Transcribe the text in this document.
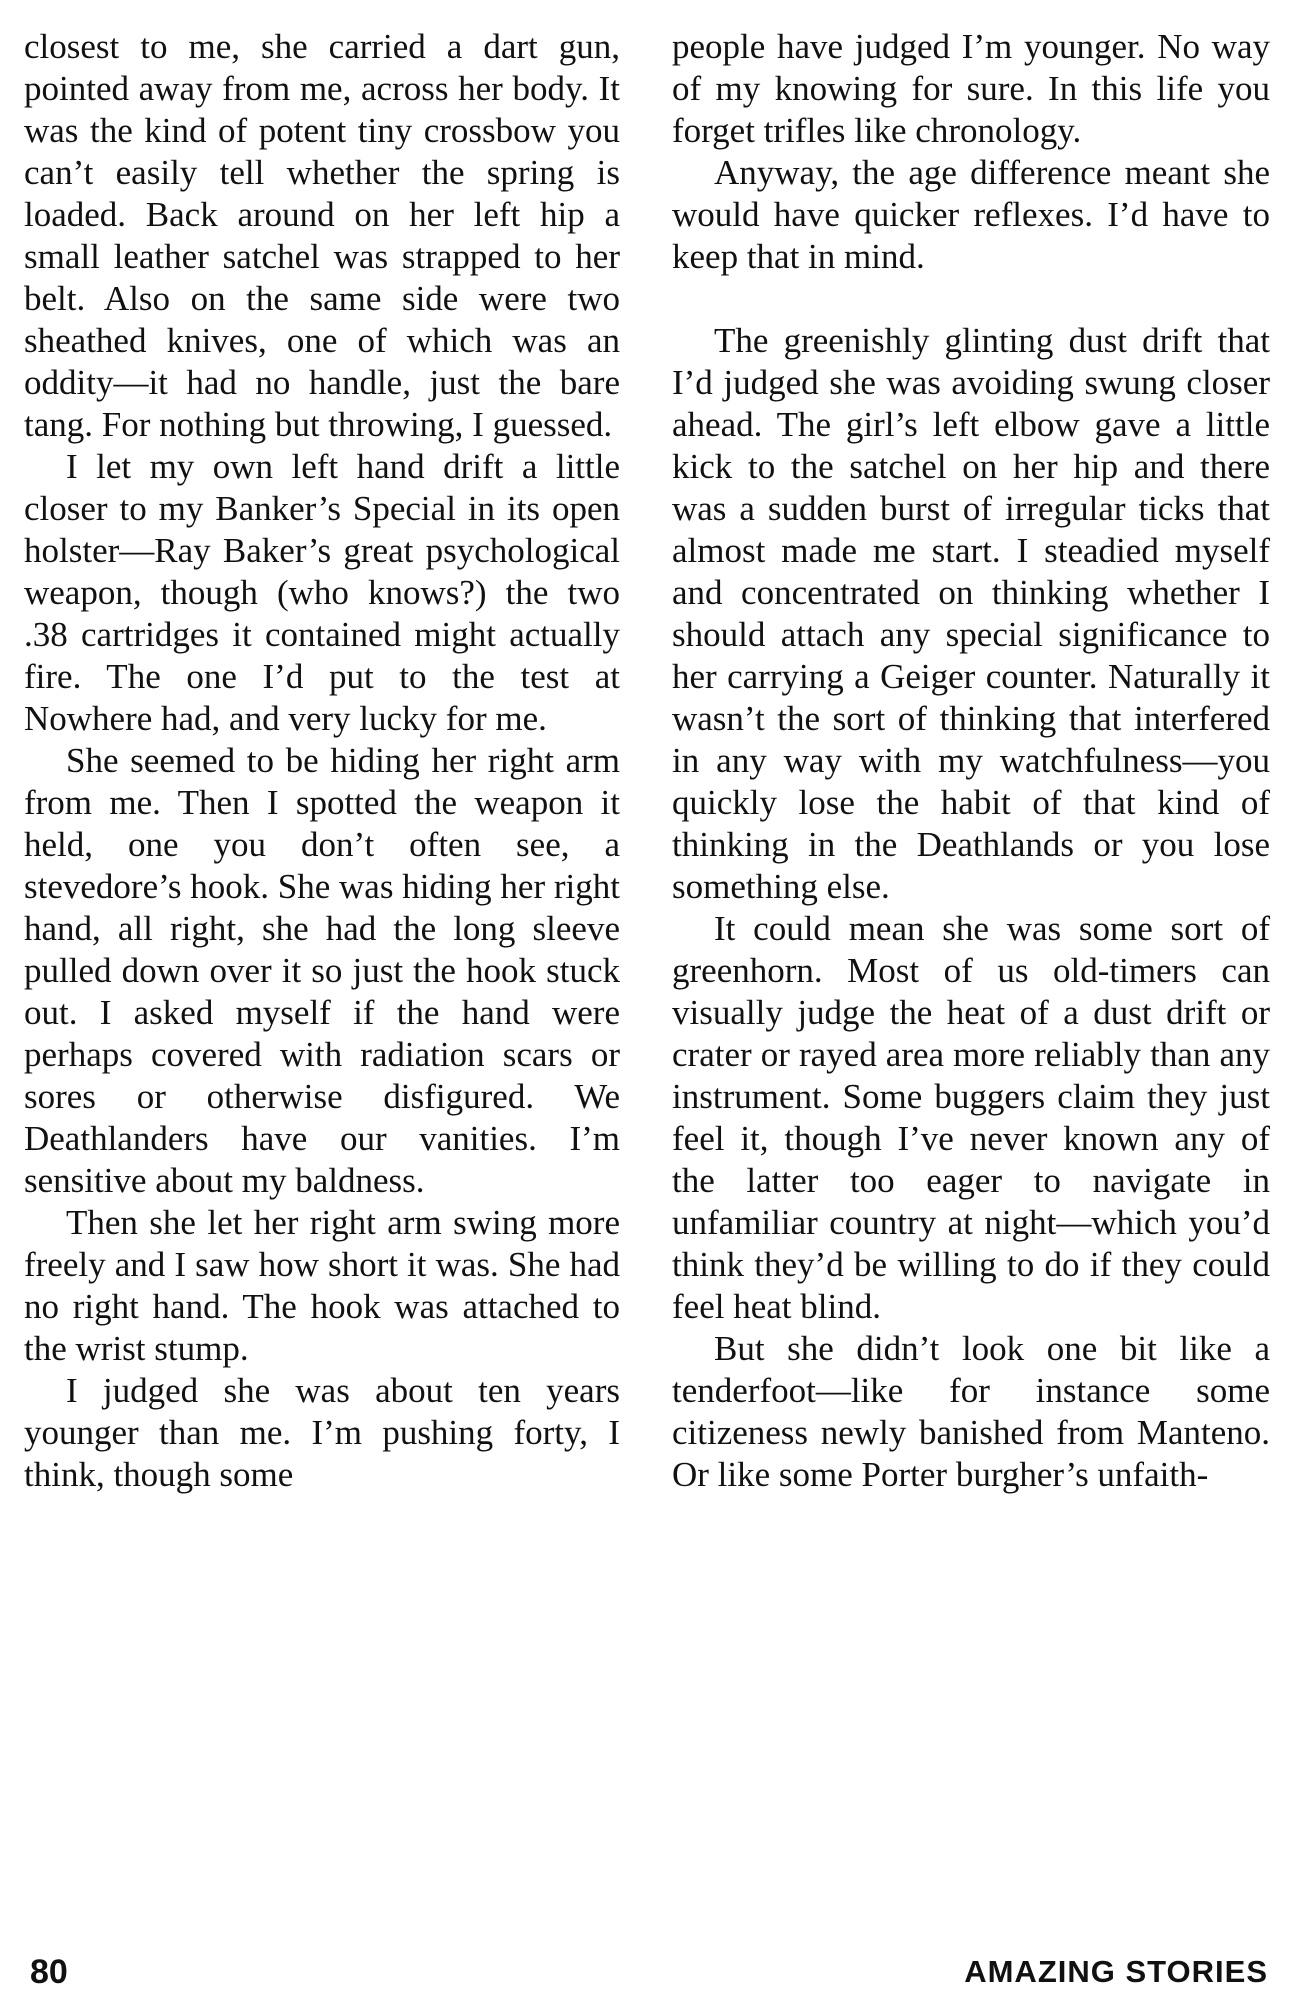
closest to me, she carried a dart gun, pointed away from me, across her body. It was the kind of potent tiny crossbow you can’t easily tell whether the spring is loaded. Back around on her left hip a small leather satchel was strapped to her belt. Also on the same side were two sheathed knives, one of which was an oddity—it had no handle, just the bare tang. For nothing but throwing, I guessed.

I let my own left hand drift a little closer to my Banker’s Special in its open holster—Ray Baker’s great psychological weapon, though (who knows?) the two .38 cartridges it contained might actually fire. The one I’d put to the test at Nowhere had, and very lucky for me.

She seemed to be hiding her right arm from me. Then I spotted the weapon it held, one you don’t often see, a stevedore’s hook. She was hiding her right hand, all right, she had the long sleeve pulled down over it so just the hook stuck out. I asked myself if the hand were perhaps covered with radiation scars or sores or otherwise disfigured. We Deathlanders have our vanities. I’m sensitive about my baldness.

Then she let her right arm swing more freely and I saw how short it was. She had no right hand. The hook was attached to the wrist stump.

I judged she was about ten years younger than me. I’m pushing forty, I think, though some

people have judged I’m younger. No way of my knowing for sure. In this life you forget trifles like chronology.

Anyway, the age difference meant she would have quicker reflexes. I’d have to keep that in mind.

The greenishly glinting dust drift that I’d judged she was avoiding swung closer ahead. The girl’s left elbow gave a little kick to the satchel on her hip and there was a sudden burst of irregular ticks that almost made me start. I steadied myself and concentrated on thinking whether I should attach any special significance to her carrying a Geiger counter. Naturally it wasn’t the sort of thinking that interfered in any way with my watchfulness—you quickly lose the habit of that kind of thinking in the Deathlands or you lose something else.

It could mean she was some sort of greenhorn. Most of us old-timers can visually judge the heat of a dust drift or crater or rayed area more reliably than any instrument. Some buggers claim they just feel it, though I’ve never known any of the latter too eager to navigate in unfamiliar country at night—which you’d think they’d be willing to do if they could feel heat blind.

But she didn’t look one bit like a tenderfoot—like for instance some citizeness newly banished from Manteno. Or like some Porter burgher’s unfaith-

80	AMAZING STORIES
